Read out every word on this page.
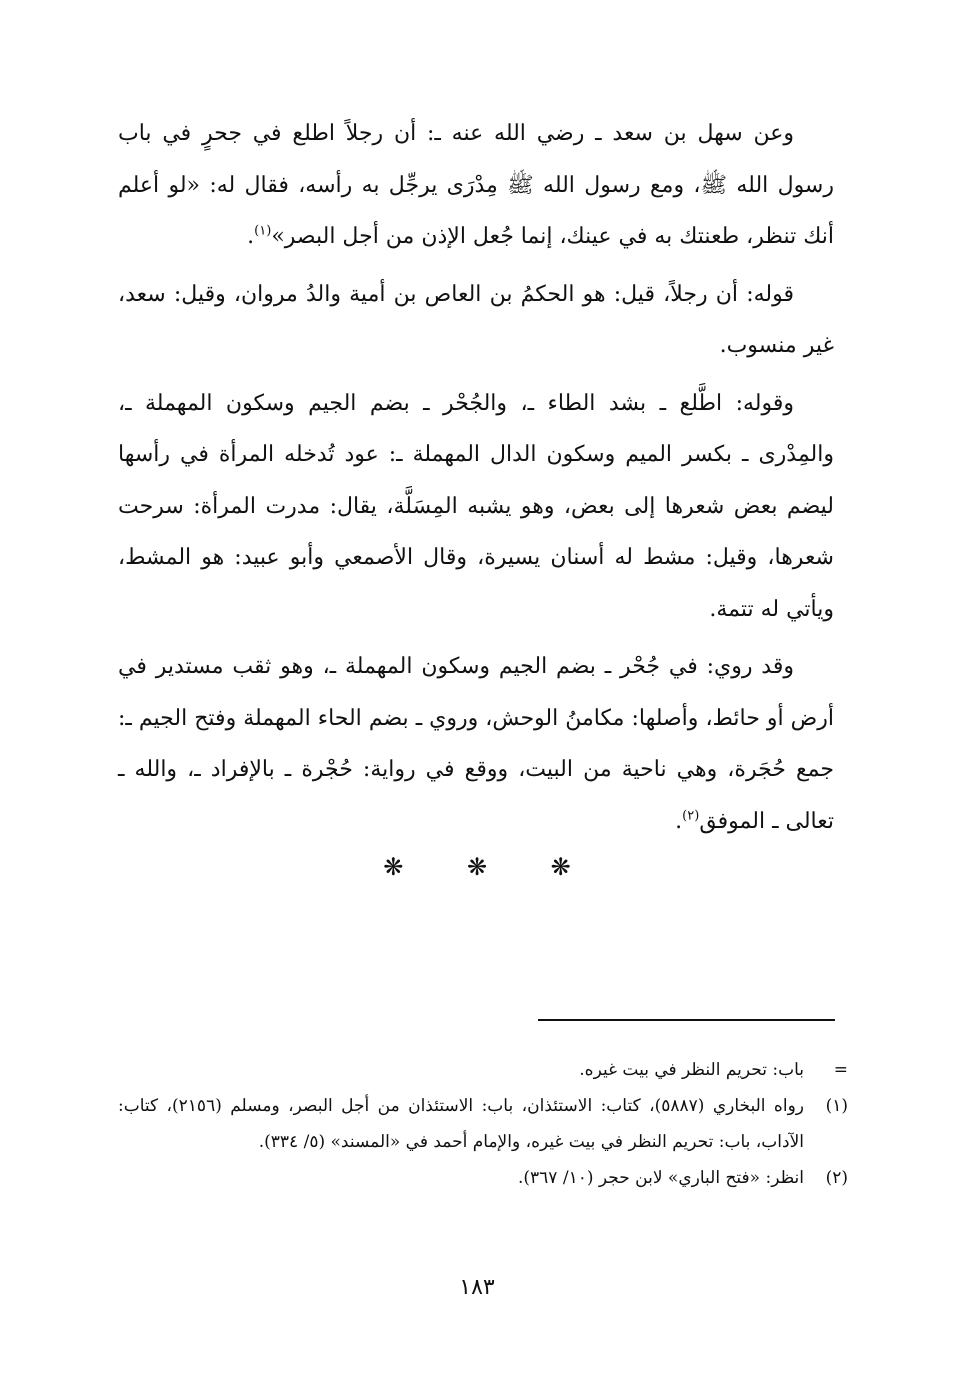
وعن سهل بن سعد ـ رضي الله عنه ـ: أن رجلاً اطلع في جحرٍ في باب رسول الله ﷺ، ومع رسول الله ﷺ مِدْرَى يرجِّل به رأسه، فقال له: «لو أعلم أنك تنظر، طعنتك به في عينك، إنما جُعل الإذن من أجل البصر»$^{(١)}$.

قوله: أن رجلاً، قيل: هو الحكمُ بن العاص بن أمية والدُ مروان، وقيل: سعد، غير منسوب.

وقوله: اطَّلع ـ بشد الطاء ـ، والجُحْر ـ بضم الجيم وسكون المهملة ـ، والمِدْرى ـ بكسر الميم وسكون الدال المهملة ـ: عود تُدخله المرأة في رأسها ليضم بعض شعرها إلى بعض، وهو يشبه المِسَلَّة، يقال: مدرت المرأة: سرحت شعرها، وقيل: مشط له أسنان يسيرة، وقال الأصمعي وأبو عبيد: هو المشط، ويأتي له تتمة.

وقد روي: في جُحْر ـ بضم الجيم وسكون المهملة ـ، وهو ثقب مستدير في أرض أو حائط، وأصلها: مكامنُ الوحش، وروي ـ بضم الحاء المهملة وفتح الجيم ـ: جمع حُجَرة، وهي ناحية من البيت، ووقع في رواية: حُجْرة ـ بالإفراد ـ، والله ـ تعالى ـ الموفق$^{(٢)}$.

❋ ❋ ❋
=
باب: تحريم النظر في بيت غيره.
(١)
رواه البخاري (٥٨٨٧)، كتاب: الاستئذان، باب: الاستئذان من أجل البصر، ومسلم (٢١٥٦)، كتاب: الآداب، باب: تحريم النظر في بيت غيره، والإمام أحمد في «المسند» (٥/ ٣٣٤).
(٢)
انظر: «فتح الباري» لابن حجر (١٠/ ٣٦٧).
١٨٣
